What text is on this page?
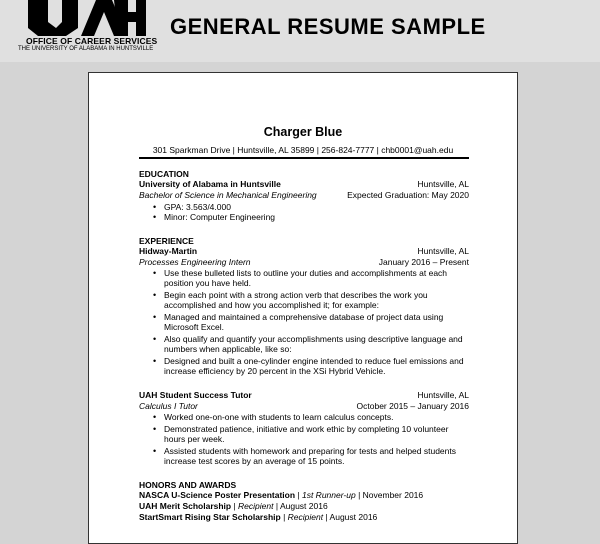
OFFICE OF CAREER SERVICES
THE UNIVERSITY OF ALABAMA IN HUNTSVILLE
GENERAL RESUME SAMPLE
Charger Blue
301 Sparkman Drive | Huntsville, AL 35899 | 256-824-7777 | chb0001@uah.edu
EDUCATION
University of Alabama in Huntsville	Huntsville, AL
Bachelor of Science in Mechanical Engineering	Expected Graduation: May 2020
• GPA: 3.563/4.000
• Minor: Computer Engineering
EXPERIENCE
Hidway-Martin	Huntsville, AL
Processes Engineering Intern	January 2016 – Present
• Use these bulleted lists to outline your duties and accomplishments at each
position you have held.
• Begin each point with a strong action verb that describes the work you
accomplished and how you accomplished it; for example:
• Managed and maintained a comprehensive database of project data using
Microsoft Excel.
• Also qualify and quantify your accomplishments using descriptive language and
numbers when applicable, like so:
• Designed and built a one-cylinder engine intended to reduce fuel emissions and
increase efficiency by 20 percent in the XSi Hybrid Vehicle.
UAH Student Success Tutor	Huntsville, AL
Calculus I Tutor	October 2015 – January 2016
• Worked one-on-one with students to learn calculus concepts.
• Demonstrated patience, initiative and work ethic by completing 10 volunteer
hours per week.
• Assisted students with homework and preparing for tests and helped students
increase test scores by an average of 15 points.
HONORS AND AWARDS
NASCA U-Science Poster Presentation | 1st Runner-up | November 2016
UAH Merit Scholarship | Recipient | August 2016
StartSmart Rising Star Scholarship | Recipient | August 2016
